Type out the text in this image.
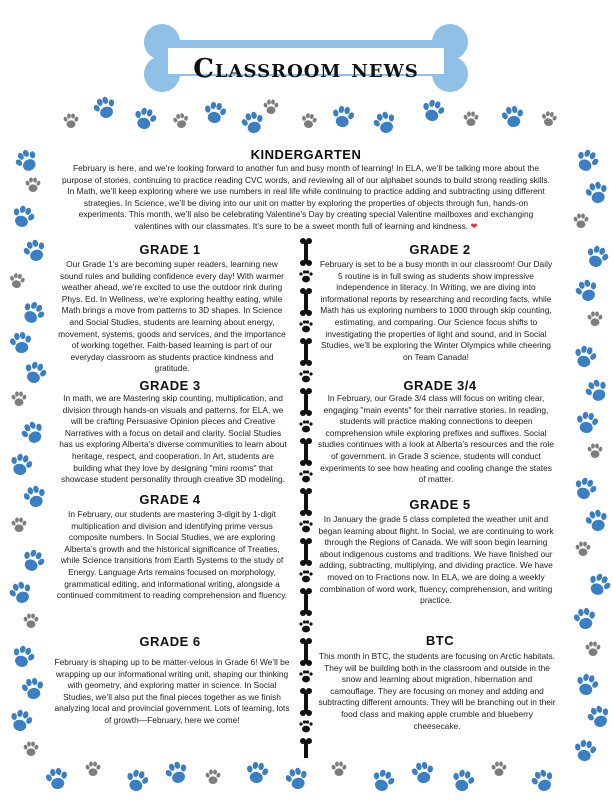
Classroom news
KINDERGARTEN
February is here, and we’re looking forward to another fun and busy month of learning! In ELA, we’ll be talking more about the purpose of stories, continuing to practice reading CVC words, and reviewing all of our alphabet sounds to build strong reading skills. In Math, we’ll keep exploring where we use numbers in real life while continuing to practice adding and subtracting using different strategies. In Science, we’ll be diving into our unit on matter by exploring the properties of objects through fun, hands-on experiments. This month, we’ll also be celebrating Valentine’s Day by creating special Valentine mailboxes and exchanging valentines with our classmates. It’s sure to be a sweet month full of learning and kindness. ❤
GRADE 1
Our Grade 1’s are becoming super readers, learning new sound rules and building confidence every day! With warmer weather ahead, we’re excited to use the outdoor rink during Phys. Ed. In Wellness, we’re exploring healthy eating, while Math brings a move from patterns to 3D shapes. In Science and Social Studies, students are learning about energy, movement, systems, goods and services, and the importance of working together. Faith-based learning is part of our everyday classroom as students practice kindness and gratitude.
GRADE 2
February is set to be a busy month in our classroom! Our Daily 5 routine is in full swing as students show impressive independence in literacy. In Writing, we are diving into informational reports by researching and recording facts, while Math has us exploring numbers to 1000 through skip counting, estimating, and comparing. Our Science focus shifts to investigating the properties of light and sound, and in Social Studies, we’ll be exploring the Winter Olympics while cheering on Team Canada!
GRADE 3
In math, we are Mastering skip counting, multiplication, and division through hands-on visuals and patterns. for ELA, we will be crafting Persuasive Opinion pieces and Creative Narratives with a focus on detail and clarity. Social Studies has us exploring Alberta’s diverse communities to learn about heritage, respect, and cooperation. In Art, students are building what they love by designing "mini rooms" that showcase student personality through creative 3D modeling.
GRADE 3/4
In February, our Grade 3/4 class will focus on writing clear, engaging "main events" for their narrative stories. In reading, students will practice making connections to deepen comprehension while exploring prefixes and suffixes. Social studies continues with a look at Alberta’s resources and the role of government. in Grade 3 science, students will conduct experiments to see how heating and cooling change the states of matter.
GRADE 4
In February, our students are mastering 3-digit by 1-digit multiplication and division and identifying prime versus composite numbers. In Social Studies, we are exploring Alberta’s growth and the historical significance of Treaties, while Science transitions from Earth Systems to the study of Energy. Language Arts remains focused on morphology, grammatical editing, and informational writing, alongside a continued commitment to reading comprehension and fluency.
GRADE 5
In January the grade 5 class completed the weather unit and began learning about flight. In Social, we are continuing to work through the Regions of Canada. We will soon begin learning about indigenous customs and traditions. We have finished our adding, subtracting, multiplying, and dividing practice. We have moved on to Fractions now. In ELA, we are doing a weekly combination of word work, fluency, comprehension, and writing practice.
GRADE 6
February is shaping up to be matter-velous in Grade 6! We’ll be wrapping up our informational writing unit, shaping our thinking with geometry, and exploring matter in science. In Social Studies, we’ll also put the final pieces together as we finish analyzing local and provincial government. Lots of learning, lots of growth—February, here we come!
BTC
This month in BTC, the students are focusing on Arctic habitats. They will be building both in the classroom and outside in the snow and learning about migration, hibernation and camouflage. They are focusing on money and adding and subtracting different amounts. They will be branching out in their food class and making apple crumble and blueberry cheesecake.
